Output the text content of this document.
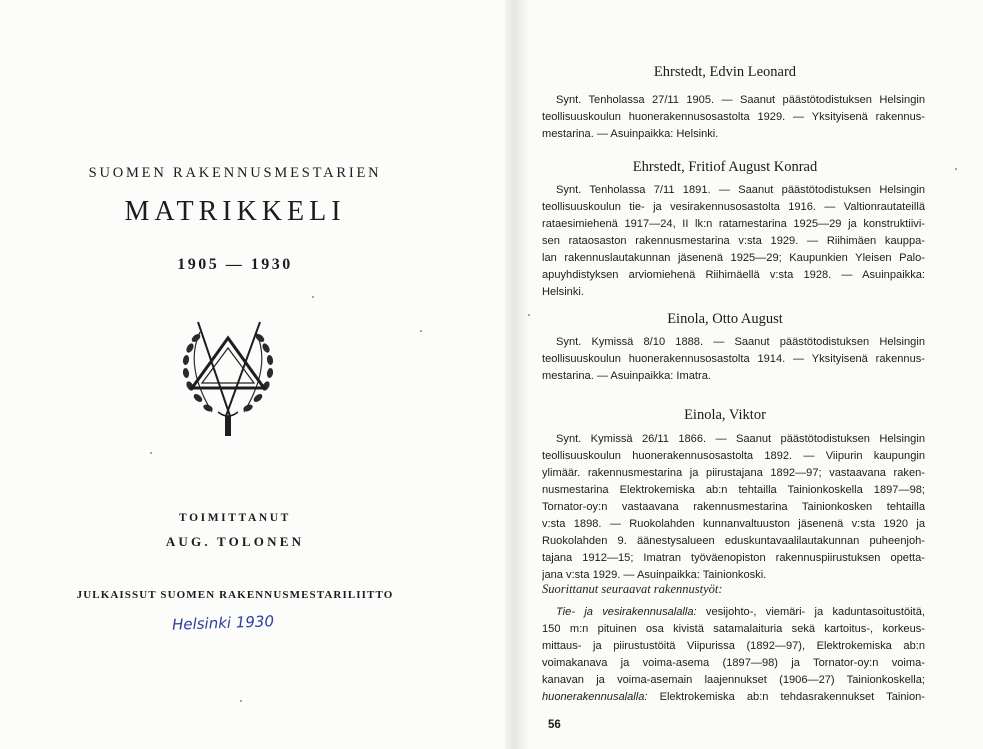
SUOMEN RAKENNUSMESTARIEN
MATRIKKELI
1905 — 1930
TOIMITTANUT
AUG. TOLONEN
JULKAISSUT SUOMEN RAKENNUSMESTARILIITTO
Helsinki 1930
Ehrstedt, Edvin Leonard

Synt. Tenholassa 27/11 1905. — Saanut päästötodistuksen Helsingin
teollisuuskoulun huonerakennusosastolta 1929. — Yksityisenä rakennus-
mestarina. — Asuinpaikka: Helsinki.

Ehrstedt, Fritiof August Konrad

Synt. Tenholassa 7/11 1891. — Saanut päästötodistuksen Helsingin
teollisuuskoulun tie- ja vesirakennusosastolta 1916. — Valtionrautateillä
rataesimiehenä 1917—24, II lk:n ratamestarina 1925—29 ja konstruktiivi-
sen rataosaston rakennusmestarina v:sta 1929. — Riihimäen kauppa-
lan rakennuslautakunnan jäsenenä 1925—29; Kaupunkien Yleisen Palo-
apuyhdistyksen arviomiehenä Riihimäellä v:sta 1928. — Asuinpaikka:
Helsinki.

Einola, Otto August

Synt. Kymissä 8/10 1888. — Saanut päästötodistuksen Helsingin
teollisuuskoulun huonerakennusosastolta 1914. — Yksityisenä rakennus-
mestarina. — Asuinpaikka: Imatra.

Einola, Viktor

Synt. Kymissä 26/11 1866. — Saanut päästötodistuksen Helsingin
teollisuuskoulun huonerakennusosastolta 1892. — Viipurin kaupungin
ylimäär. rakennusmestarina ja piirustajana 1892—97; vastaavana raken-
nusmestarina Elektrokemiska ab:n tehtailla Tainionkoskella 1897—98;
Tornator-oy:n vastaavana rakennusmestarina Tainionkosken tehtailla
v:sta 1898. — Ruokolahden kunnanvaltuuston jäsenenä v:sta 1920 ja
Ruokolahden 9. äänestysalueen eduskuntavaalilautakunnan puheenjoh-
tajana 1912—15; Imatran työväenopiston rakennuspiirustuksen opetta-
jana v:sta 1929. — Asuinpaikka: Tainionkoski.

Suorittanut seuraavat rakennustyöt:

Tie- ja vesirakennusalalla: vesijohto-, viemäri- ja kaduntasoitustöitä,
150 m:n pituinen osa kivistä satamalaituria sekä kartoitus-, korkeus-
mittaus- ja piirustustöitä Viipurissa (1892—97), Elektrokemiska ab:n
voimakanava ja voima-asema (1897—98) ja Tornator-oy:n voima-
kanavan ja voima-asemain laajennukset (1906—27) Tainionkoskella;
huonerakennusalalla: Elektrokemiska ab:n tehdasrakennukset Tainion-

56
